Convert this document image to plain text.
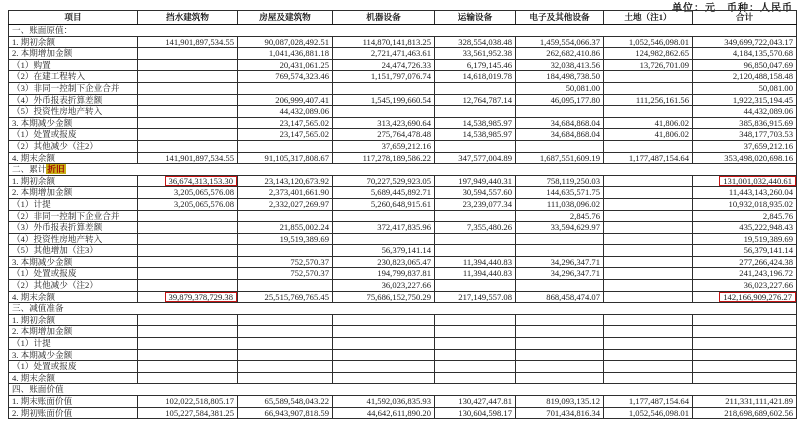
单位：元　币种：人民币
项目	挡水建筑物	房屋及建筑物	机器设备	运输设备	电子及其他设备	土地（注1）	合计
一、账面原值：							
1. 期初余额	141,901,897,534.55	90,087,028,492.51	114,870,141,813.25	328,554,038.48	1,459,554,066.37	1,052,546,098.01	349,699,722,043.17
2. 本期增加金额		1,041,436,881.18	2,721,471,463.61	33,561,952.38	262,682,410.86	124,982,862.65	4,184,135,570.68
（1）购置		20,431,061.25	24,474,726.33	6,179,145.46	32,038,413.56	13,726,701.09	96,850,047.69
（2）在建工程转入		769,574,323.46	1,151,797,076.74	14,618,019.78	184,498,738.50		2,120,488,158.48
（3）非同一控制下企业合并					50,081.00		50,081.00
（4）外币报表折算差额		206,999,407.41	1,545,199,660.54	12,764,787.14	46,095,177.80	111,256,161.56	1,922,315,194.45
（5）投资性房地产转入		44,432,089.06					44,432,089.06
3. 本期减少金额		23,147,565.02	313,423,690.64	14,538,985.97	34,684,868.04	41,806.02	385,836,915.69
（1）处置或报废		23,147,565.02	275,764,478.48	14,538,985.97	34,684,868.04	41,806.02	348,177,703.53
（2）其他减少（注2）			37,659,212.16				37,659,212.16
4. 期末余额	141,901,897,534.55	91,105,317,808.67	117,278,189,586.22	347,577,004.89	1,687,551,609.19	1,177,487,154.64	353,498,020,698.16
二、累计折旧							
1. 期初余额	36,674,313,153.30	23,143,120,673.92	70,227,529,923.05	197,949,440.31	758,119,250.03		131,001,032,440.61
2. 本期增加金额	3,205,065,576.08	2,373,401,661.90	5,689,445,892.71	30,594,557.60	144,635,571.75		11,443,143,260.04
（1）计提	3,205,065,576.08	2,332,027,269.97	5,260,648,915.61	23,239,077.34	111,038,096.02		10,932,018,935.02
（2）非同一控制下企业合并					2,845.76		2,845.76
（3）外币报表折算差额		21,855,002.24	372,417,835.96	7,355,480.26	33,594,629.97		435,222,948.43
（4）投资性房地产转入		19,519,389.69					19,519,389.69
（5）其他增加（注3）			56,379,141.14				56,379,141.14
3. 本期减少金额		752,570.37	230,823,065.47	11,394,440.83	34,296,347.71		277,266,424.38
（1）处置或报废		752,570.37	194,799,837.81	11,394,440.83	34,296,347.71		241,243,196.72
（2）其他减少（注2）			36,023,227.66				36,023,227.66
4. 期末余额	39,879,378,729.38	25,515,769,765.45	75,686,152,750.29	217,149,557.08	868,458,474.07		142,166,909,276.27
三、减值准备							
1. 期初余额							
2. 本期增加金额							
（1）计提							
3. 本期减少金额							
（1）处置或报废							
4. 期末余额							
四、账面价值							
1. 期末账面价值	102,022,518,805.17	65,589,548,043.22	41,592,036,835.93	130,427,447.81	819,093,135.12	1,177,487,154.64	211,331,111,421.89
2. 期初账面价值	105,227,584,381.25	66,943,907,818.59	44,642,611,890.20	130,604,598.17	701,434,816.34	1,052,546,098.01	218,698,689,602.56
